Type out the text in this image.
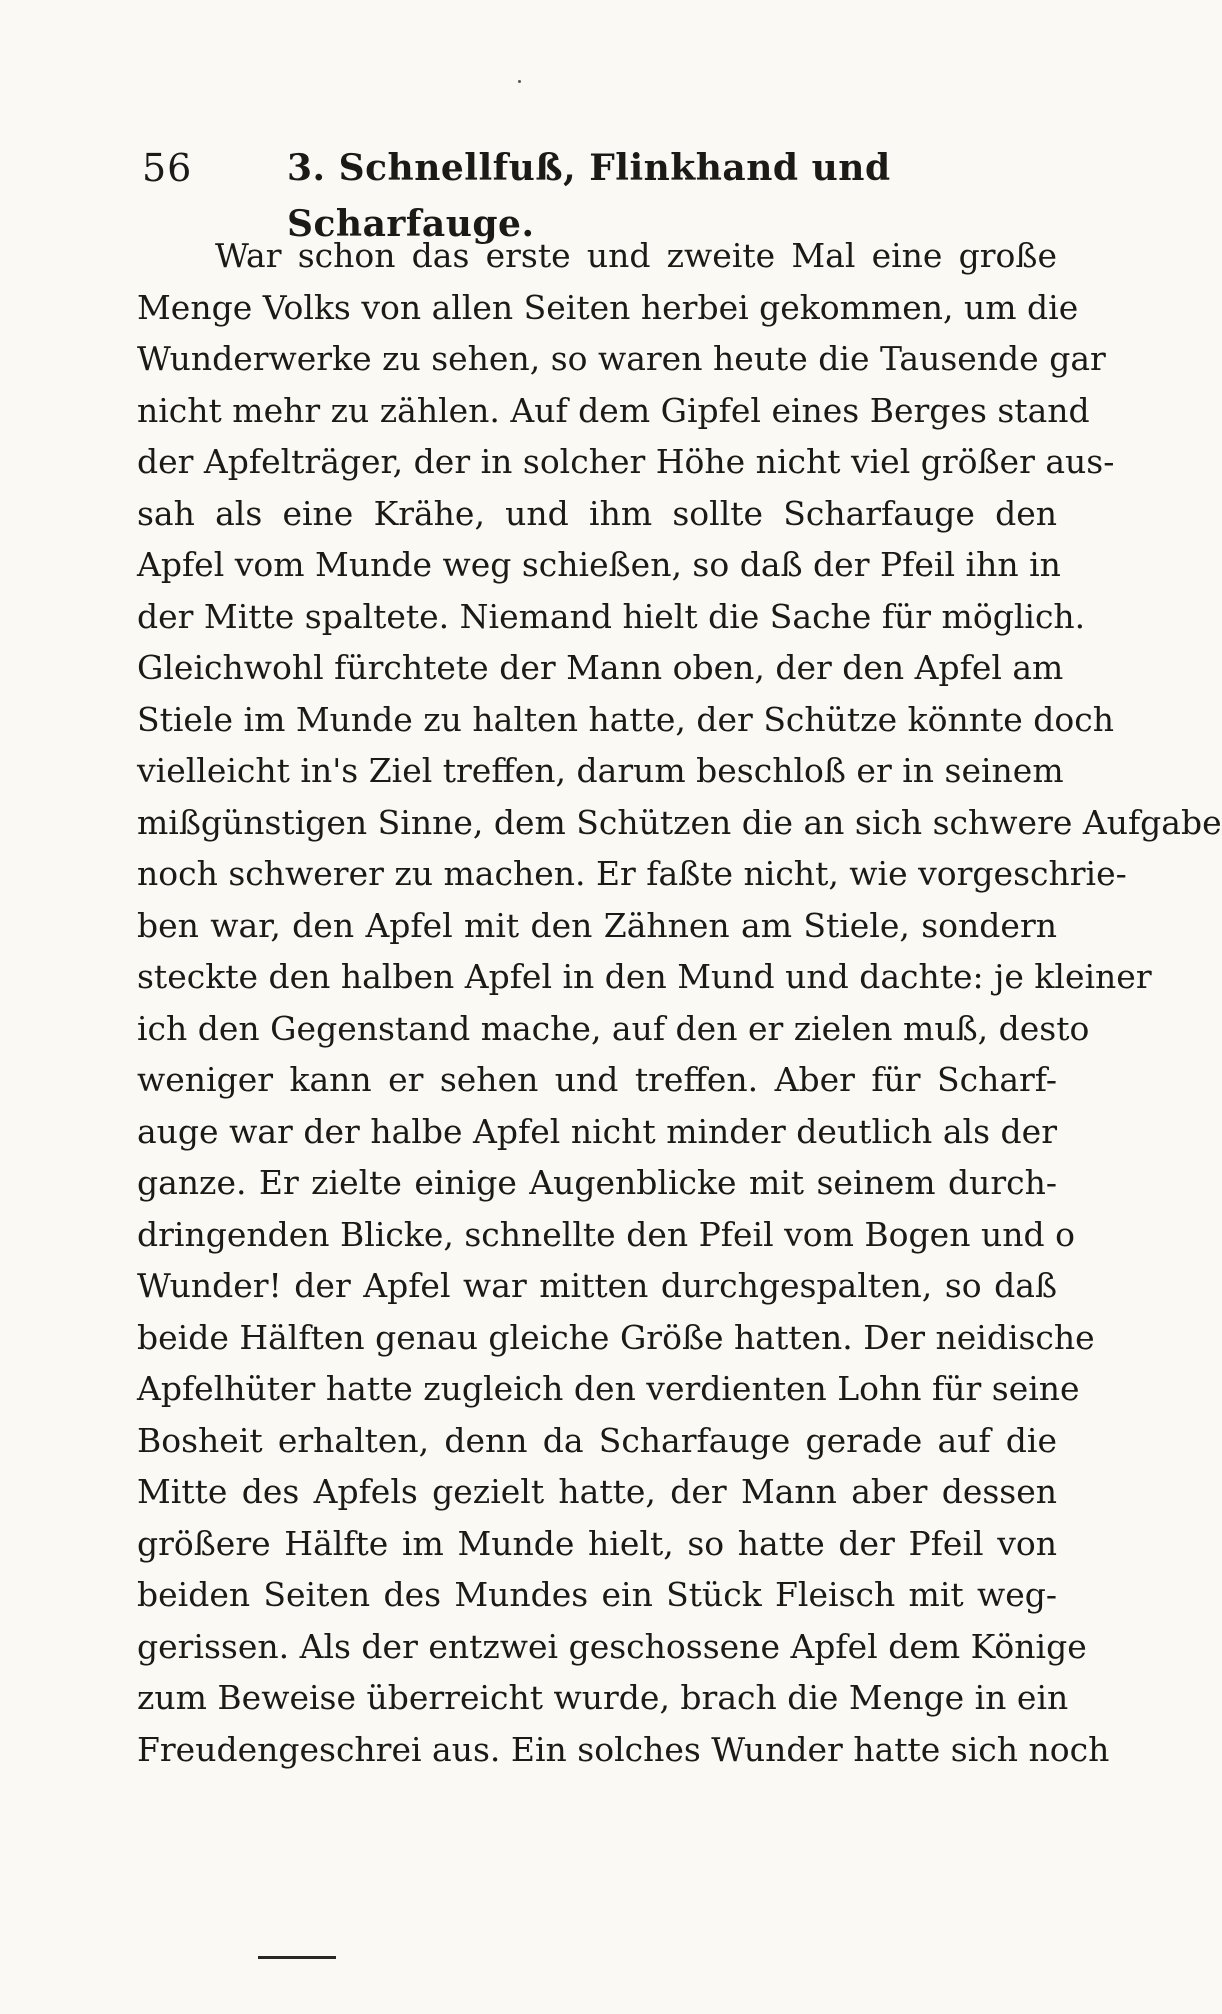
56	3. Schnellfuß, Flinkhand und Scharfauge.
War schon das erste und zweite Mal eine große
Menge Volks von allen Seiten herbei gekommen, um die
Wunderwerke zu sehen, so waren heute die Tausende gar
nicht mehr zu zählen. Auf dem Gipfel eines Berges stand
der Apfelträger, der in solcher Höhe nicht viel größer aus-
sah als eine Krähe, und ihm sollte Scharfauge den
Apfel vom Munde weg schießen, so daß der Pfeil ihn in
der Mitte spaltete. Niemand hielt die Sache für möglich.
Gleichwohl fürchtete der Mann oben, der den Apfel am
Stiele im Munde zu halten hatte, der Schütze könnte doch
vielleicht in's Ziel treffen, darum beschloß er in seinem
mißgünstigen Sinne, dem Schützen die an sich schwere Aufgabe
noch schwerer zu machen. Er faßte nicht, wie vorgeschrie-
ben war, den Apfel mit den Zähnen am Stiele, sondern
steckte den halben Apfel in den Mund und dachte: je kleiner
ich den Gegenstand mache, auf den er zielen muß, desto
weniger kann er sehen und treffen. Aber für Scharf-
auge war der halbe Apfel nicht minder deutlich als der
ganze. Er zielte einige Augenblicke mit seinem durch-
dringenden Blicke, schnellte den Pfeil vom Bogen und o
Wunder! der Apfel war mitten durchgespalten, so daß
beide Hälften genau gleiche Größe hatten. Der neidische
Apfelhüter hatte zugleich den verdienten Lohn für seine
Bosheit erhalten, denn da Scharfauge gerade auf die
Mitte des Apfels gezielt hatte, der Mann aber dessen
größere Hälfte im Munde hielt, so hatte der Pfeil von
beiden Seiten des Mundes ein Stück Fleisch mit weg-
gerissen. Als der entzwei geschossene Apfel dem Könige
zum Beweise überreicht wurde, brach die Menge in ein
Freudengeschrei aus. Ein solches Wunder hatte sich noch
